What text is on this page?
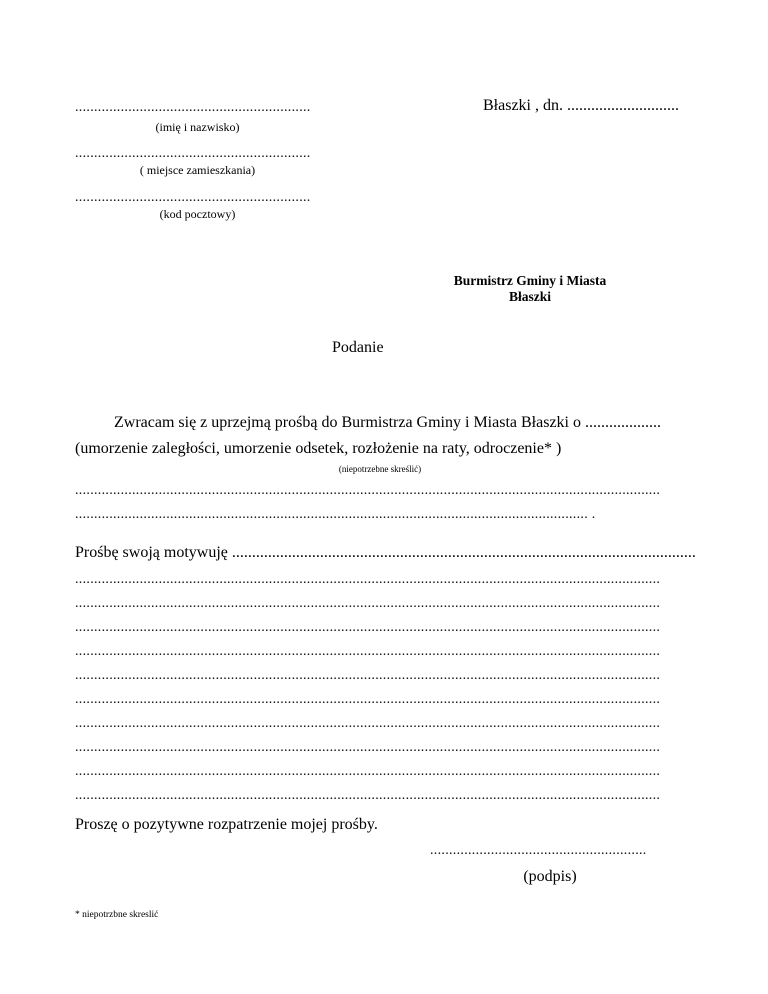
..............................................................
(imię i nazwisko)
..............................................................
( miejsce zamieszkania)
..............................................................
(kod pocztowy)
Błaszki , dn. ............................
Burmistrz Gminy i Miasta
Błaszki
Podanie
Zwracam się z uprzejmą prośbą do Burmistrza Gminy i Miasta Błaszki o ...................
(umorzenie zaległości, umorzenie odsetek, rozłożenie na raty, odroczenie* )
(niepotrzebne skreślić)
..........................................................................................................................................................
....................................................................................................................................... .
Prośbę swoją motywuję ....................................................................................................................
..........................................................................................................................................................
..........................................................................................................................................................
..........................................................................................................................................................
..........................................................................................................................................................
..........................................................................................................................................................
..........................................................................................................................................................
..........................................................................................................................................................
..........................................................................................................................................................
..........................................................................................................................................................
..........................................................................................................................................................
Proszę o pozytywne rozpatrzenie mojej prośby.
.........................................................
(podpis)
* niepotrzbne skreslić
